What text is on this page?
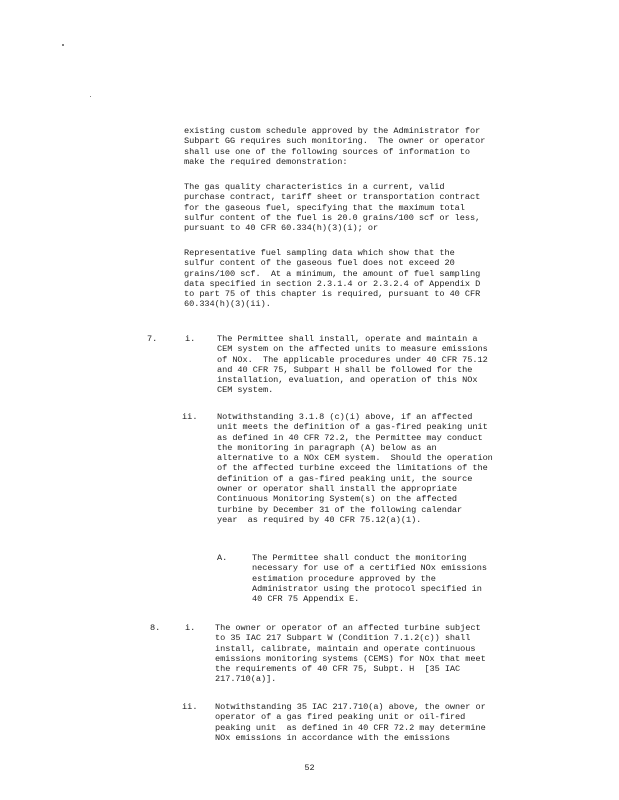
existing custom schedule approved by the Administrator for
Subpart GG requires such monitoring.  The owner or operator
shall use one of the following sources of information to
make the required demonstration:
The gas quality characteristics in a current, valid
purchase contract, tariff sheet or transportation contract
for the gaseous fuel, specifying that the maximum total
sulfur content of the fuel is 20.0 grains/100 scf or less,
pursuant to 40 CFR 60.334(h)(3)(i); or
Representative fuel sampling data which show that the
sulfur content of the gaseous fuel does not exceed 20
grains/100 scf.  At a minimum, the amount of fuel sampling
data specified in section 2.3.1.4 or 2.3.2.4 of Appendix D
to part 75 of this chapter is required, pursuant to 40 CFR
60.334(h)(3)(ii).
7.	i.	The Permittee shall install, operate and maintain a
CEM system on the affected units to measure emissions
of NOx.  The applicable procedures under 40 CFR 75.12
and 40 CFR 75, Subpart H shall be followed for the
installation, evaluation, and operation of this NOx
CEM system.
ii. Notwithstanding 3.1.8 (c)(i) above, if an affected
unit meets the definition of a gas-fired peaking unit
as defined in 40 CFR 72.2, the Permittee may conduct
the monitoring in paragraph (A) below as an
alternative to a NOx CEM system.  Should the operation
of the affected turbine exceed the limitations of the
definition of a gas-fired peaking unit, the source
owner or operator shall install the appropriate
Continuous Monitoring System(s) on the affected
turbine by December 31 of the following calendar
year  as required by 40 CFR 75.12(a)(1).
A.	The Permittee shall conduct the monitoring
necessary for use of a certified NOx emissions
estimation procedure approved by the
Administrator using the protocol specified in
40 CFR 75 Appendix E.
8.	i. The owner or operator of an affected turbine subject
to 35 IAC 217 Subpart W (Condition 7.1.2(c)) shall
install, calibrate, maintain and operate continuous
emissions monitoring systems (CEMS) for NOx that meet
the requirements of 40 CFR 75, Subpt. H  [35 IAC
217.710(a)].
ii. Notwithstanding 35 IAC 217.710(a) above, the owner or
operator of a gas fired peaking unit or oil-fired
peaking unit  as defined in 40 CFR 72.2 may determine
NOx emissions in accordance with the emissions
52
